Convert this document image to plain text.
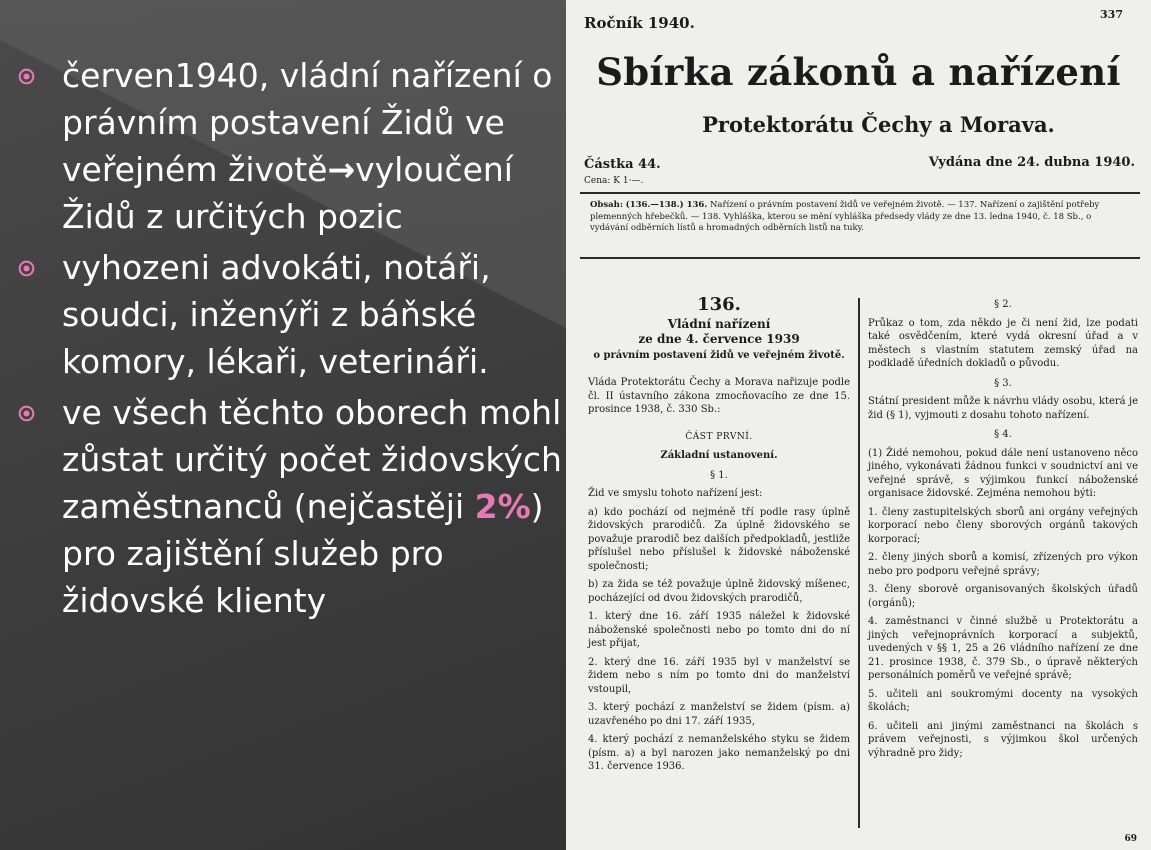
červen1940, vládní nařízení o právním postavení Židů ve veřejném životě→vyloučení Židů z určitých pozic
vyhozeni advokáti, notáři, soudci, inženýři z báňské komory, lékaři, veterináři.
ve všech těchto oborech mohl zůstat určitý počet židovských zaměstnanců (nejčastěji 2%) pro zajištění služeb pro židovské klienty
Ročník 1940.	337
Sbírka zákonů a nařízení
Protektorátu Čechy a Morava.
Částka 44.	Vydána dne 24. dubna 1940.
Cena: K 1·—.
Obsah: (136.—138.) 136. Nařízení o právním postavení židů ve veřejném životě. — 137. Nařízení o zajištění potřeby plemenných hřebečků. — 138. Vyhláška, kterou se mění vyhláška předsedy vlády ze dne 13. ledna 1940, č. 18 Sb., o vydávání odběrních lístů a hromadných odběrních listů na tuky.

136.

Vládní nařízení

ze dne 4. července 1939

o právním postavení židů ve veřejném životě.

Vláda Protektorátu Čechy a Morava nařizuje podle čl. II ústavního zákona zmocňovacího ze dne 15. prosince 1938, č. 330 Sb.:

ČÁST PRVNÍ.

Základní ustanovení.

§ 1.

Žid ve smyslu tohoto nařízení jest:

a) kdo pochází od nejméně tří podle rasy úplně židovských prarodičů. Za úplně židovského se považuje prarodič bez dalších předpokladů, jestliže příslušel nebo příslušel k židovské náboženské společnosti;

b) za žida se též považuje úplně židovský míšenec, pocházející od dvou židovských prarodičů,

1. který dne 16. září 1935 náležel k židovské náboženské společnosti nebo po tomto dni do ní jest přijat,

2. který dne 16. září 1935 byl v manželství se židem nebo s ním po tomto dni do manželství vstoupil,

3. který pochází z manželství se židem (písm. a) uzavřeného po dni 17. září 1935,

4. který pochází z nemanželského styku se židem (písm. a) a byl narozen jako nemanželský po dni 31. července 1936.

§ 2.

Průkaz o tom, zda někdo je či není žid, lze podati také osvědčením, které vydá okresní úřad a v městech s vlastním statutem zemský úřad na podkladě úředních dokladů o původu.

§ 3.

Státní president může k návrhu vlády osobu, která je žid (§ 1), vyjmouti z dosahu tohoto nařízení.

§ 4.

(1) Židé nemohou, pokud dále není ustanoveno něco jiného, vykonávati žádnou funkci v soudnictví ani ve veřejné správě, s výjimkou funkcí náboženské organisace židovské. Zejména nemohou býti:

1. členy zastupitelských sborů ani orgány veřejných korporací nebo členy sborových orgánů takových korporací;

2. členy jiných sborů a komisí, zřízených pro výkon nebo pro podporu veřejné správy;

3. členy sborově organisovaných školských úřadů (orgánů);

4. zaměstnanci v činné službě u Protektorátu a jiných veřejnoprávních korporací a subjektů, uvedených v §§ 1, 25 a 26 vládního nařízení ze dne 21. prosince 1938, č. 379 Sb., o úpravě některých personálních poměrů ve veřejné správě;

5. učiteli ani soukromými docenty na vysokých školách;

6. učiteli ani jinými zaměstnanci na školách s právem veřejnosti, s výjimkou škol určených výhradně pro židy;

69
